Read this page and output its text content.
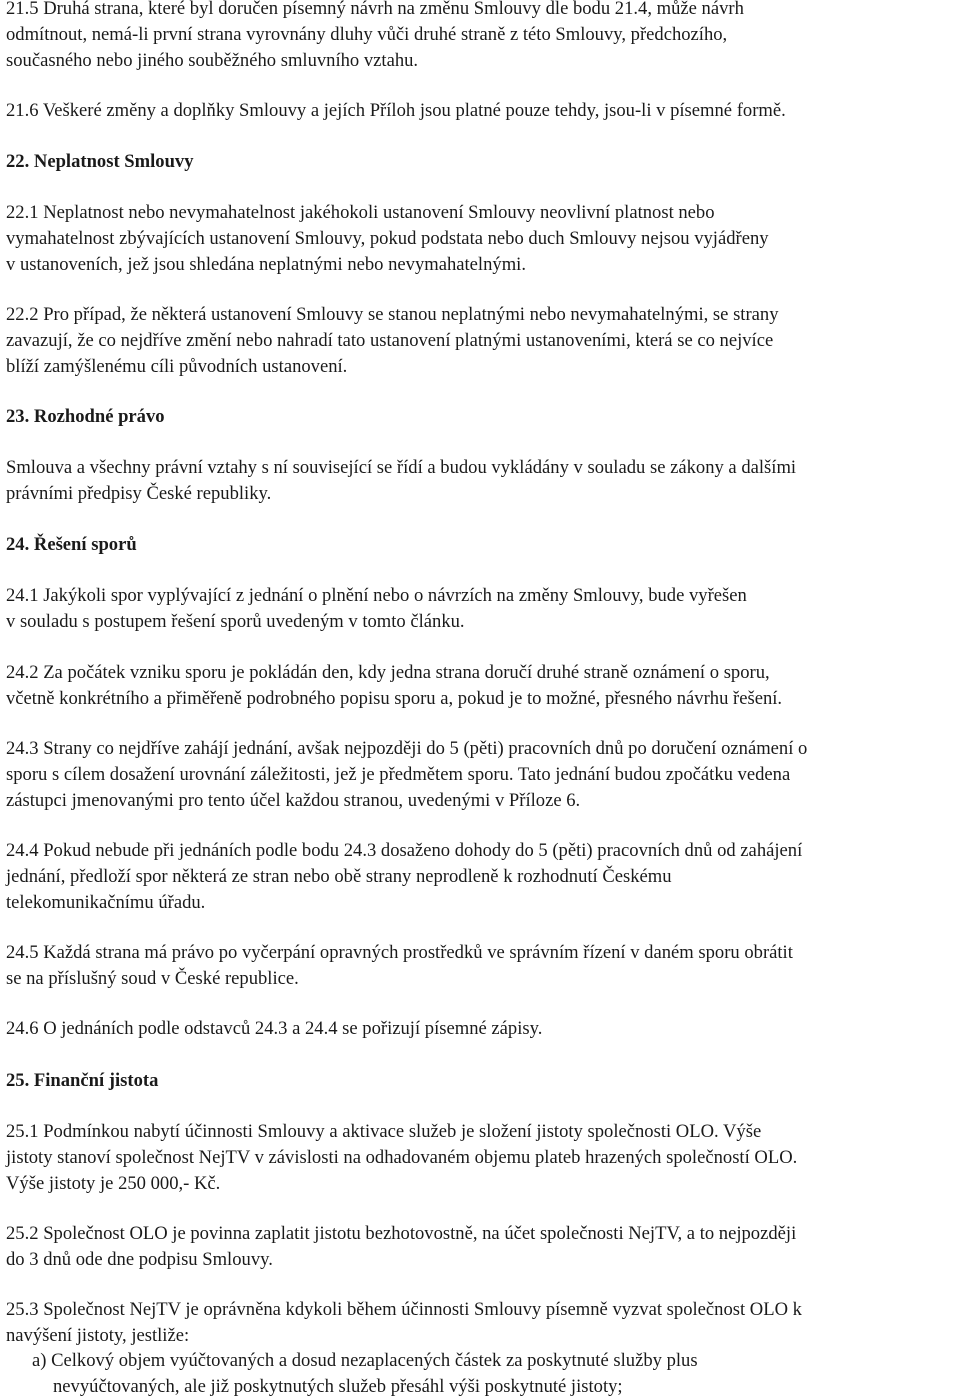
21.5 Druhá strana, které byl doručen písemný návrh na změnu Smlouvy dle bodu 21.4, může návrh
odmítnout, nemá-li první strana vyrovnány dluhy vůči druhé straně z této Smlouvy, předchozího,
současného nebo jiného souběžného smluvního vztahu.

21.6 Veškeré změny a doplňky Smlouvy a jejích Příloh jsou platné pouze tehdy, jsou-li v písemné formě.

22. Neplatnost Smlouvy

22.1 Neplatnost nebo nevymahatelnost jakéhokoli ustanovení Smlouvy neovlivní platnost nebo
vymahatelnost zbývajících ustanovení Smlouvy, pokud podstata nebo duch Smlouvy nejsou vyjádřeny
v ustanoveních, jež jsou shledána neplatnými nebo nevymahatelnými.

22.2 Pro případ, že některá ustanovení Smlouvy se stanou neplatnými nebo nevymahatelnými, se strany
zavazují, že co nejdříve změní nebo nahradí tato ustanovení platnými ustanoveními, která se co nejvíce
blíží zamýšlenému cíli původních ustanovení.

23. Rozhodné právo

Smlouva a všechny právní vztahy s ní související se řídí a budou vykládány v souladu se zákony a dalšími
právními předpisy České republiky.

24. Řešení sporů

24.1 Jakýkoli spor vyplývající z jednání o plnění nebo o návrzích na změny Smlouvy, bude vyřešen
v souladu s postupem řešení sporů uvedeným v tomto článku.

24.2 Za počátek vzniku sporu je pokládán den, kdy jedna strana doručí druhé straně oznámení o sporu,
včetně konkrétního a přiměřeně podrobného popisu sporu a, pokud je to možné, přesného návrhu řešení.

24.3 Strany co nejdříve zahájí jednání, avšak nejpozději do 5 (pěti) pracovních dnů po doručení oznámení o
sporu s cílem dosažení urovnání záležitosti, jež je předmětem sporu. Tato jednání budou zpočátku vedena
zástupci jmenovanými pro tento účel každou stranou, uvedenými v Příloze 6.

24.4 Pokud nebude při jednáních podle bodu 24.3 dosaženo dohody do 5 (pěti) pracovních dnů od zahájení
jednání, předloží spor některá ze stran nebo obě strany neprodleně k rozhodnutí Českému
telekomunikačnímu úřadu.

24.5 Každá strana má právo po vyčerpání opravných prostředků ve správním řízení v daném sporu obrátit
se na příslušný soud v České republice.

24.6 O jednáních podle odstavců 24.3 a 24.4 se pořizují písemné zápisy.

25. Finanční jistota

25.1 Podmínkou nabytí účinnosti Smlouvy a aktivace služeb je složení jistoty společnosti OLO. Výše
jistoty stanoví společnost NejTV v závislosti na odhadovaném objemu plateb hrazených společností OLO.
Výše jistoty je 250 000,- Kč.

25.2 Společnost OLO je povinna zaplatit jistotu bezhotovostně, na účet společnosti NejTV, a to nejpozději
do 3 dnů ode dne podpisu Smlouvy.

25.3 Společnost NejTV je oprávněna kdykoli během účinnosti Smlouvy písemně vyzvat společnost OLO k
navýšení jistoty, jestliže:

a) Celkový objem vyúčtovaných a dosud nezaplacených částek za poskytnuté služby plus
nevyúčtovaných, ale již poskytnutých služeb přesáhl výši poskytnuté jistoty;
